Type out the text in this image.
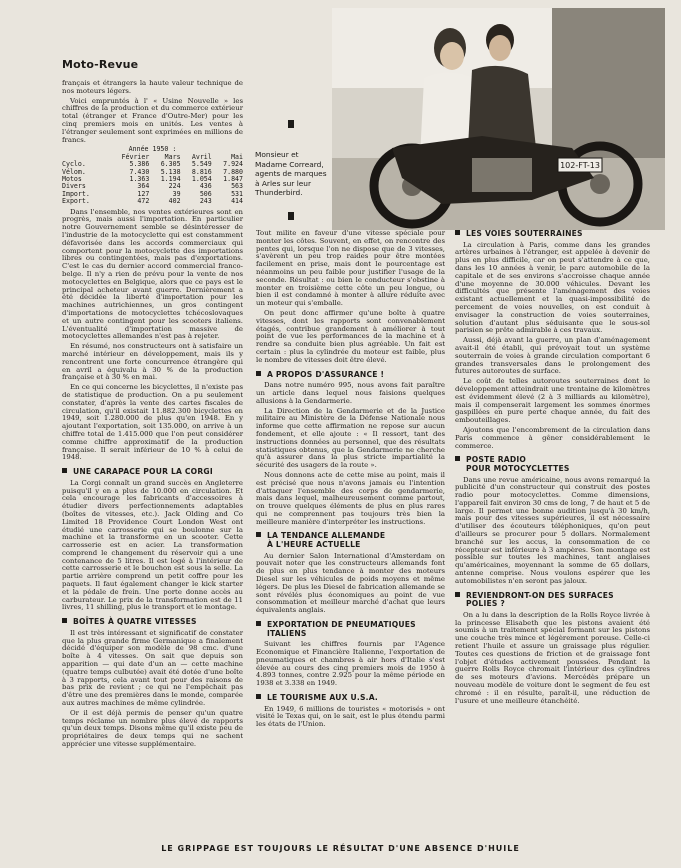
Moto-Revue
102-FT-13
Monsieur et Madame Correard, agents de marques à Arles sur leur Thunderbird.

français et étrangers la haute valeur technique de nos moteurs légers.

Voici empruntés à l' « Usine Nouvelle » les chiffres de la production et du commerce extérieur total (étranger et France d'Outre-Mer) pour les cinq premiers mois en unités. Les ventes à l'étranger seulement sont exprimées en millions de francs.

Année 1950 :
	Février	Mars	Avril	Mai
Cyclo.	5.386	6.305	5.549	7.924
Vélom.	7.430	5.138	8.816	7.880
Motos	1.363	1.194	1.054	1.847
Divers	364	224	436	563
Import.	127	39	506	531
Export.	472	402	243	414

Dans l'ensemble, nos ventes extérieures sont en progrès, mais aussi l'importation. En particulier notre Gouvernement semble se désintéresser de l'industrie de la motocyclette qui est constamment défavorisée dans les accords commerciaux qui comportent pour la motocyclette des importations libres ou contingentées, mais pas d'exportations. C'est le cas du dernier accord commercial franco-belge. Il n'y a rien de prévu pour la vente de nos motocyclettes en Belgique, alors que ce pays est le principal acheteur avant guerre. Dernièrement a été décidée la liberté d'importation pour les machines autrichiennes, un gros contingent d'importations de motocyclettes tchécoslovaques et un autre contingent pour les scooters italiens. L'éventualité d'importation massive de motocyclettes allemandes n'est pas à rejeter.

En résumé, nos constructeurs ont à satisfaire un marché intérieur en développement, mais ils y rencontrent une forte concurrence étrangère qui en avril a équivalu à 30 % de la production française et à 30 % en mai.

En ce qui concerne les bicyclettes, il n'existe pas de statistique de production. On a pu seulement constater, d'après la vente des cartes fiscales de circulation, qu'il existait 11.882.300 bicyclettes en 1949, soit 1.280.000 de plus qu'en 1948. En y ajoutant l'exportation, soit 135.000, on arrive à un chiffre total de 1.415.000 que l'on peut considérer comme chiffre approximatif de la production française. Il serait inférieur de 10 % à celui de 1948.

UNE CARAPACE POUR LA CORGI

La Corgi connaît un grand succès en Angleterre puisqu'il y en a plus de 10.000 en circulation. Et cela encourage les fabricants d'accessoires à étudier divers perfectionnements adaptables (boîtes de vitesses, etc.). Jack Olding and Co Limited 18 Providence Court London West ont étudié une carrosserie qui se boulonne sur la machine et la transforme en un scooter. Cette carrosserie est en acier. La transformation comprend le changement du réservoir qui a une contenance de 5 litres. Il est logé à l'intérieur de cette carrosserie et le bouchon est sous la selle. La partie arrière comprend un petit coffre pour les paquets. Il faut également changer le kick starter et la pédale de frein. Une porte donne accès au carburateur. Le prix de la transformation est de 11 livres, 11 shilling, plus le transport et le montage.

BOÎTES À QUATRE VITESSES

Il est très intéressant et significatif de constater que la plus grande firme Germanique a finalement décidé d'équiper son modèle de 98 cmc. d'une boîte à 4 vitesses. On sait que depuis son apparition — qui date d'un an — cette machine (quatre temps culbutée) avait été dotée d'une boîte à 3 rapports, cela avant tout pour des raisons de bas prix de revient ; ce qui ne l'empêchait pas d'être une des premières dans le monde, comparée aux autres machines de même cylindrée.

Or il est déjà permis de penser qu'un quatre temps réclame un nombre plus élevé de rapports qu'un deux temps. Disons même qu'il existe peu de propriétaires de deux temps qui ne sachent apprécier une vitesse supplémentaire.

Tout milite en faveur d'une vitesse spéciale pour monter les côtes. Souvent, en effet, on rencontre des pentes qui, lorsque l'on ne dispose que de 3 vitesses, s'avèrent un peu trop raides pour être montées facilement en prise, mais dont le pourcentage est néanmoins un peu faible pour justifier l'usage de la seconde. Résultat : ou bien le conducteur s'obstine à monter en troisième cette côte un peu longue, ou bien il est condamné à monter à allure réduite avec un moteur qui s'emballe.

On peut donc affirmer qu'une boîte à quatre vitesses, dont les rapports sont convenablement étagés, contribue grandement à améliorer à tout point de vue les performances de la machine et à rendre sa conduite bien plus agréable. Un fait est certain : plus la cylindrée du moteur est faible, plus le nombre de vitesses doit être élevé.

A PROPOS D'ASSURANCE !

Dans notre numéro 995, nous avons fait paraître un article dans lequel nous faisions quelques allusions à la Gendarmerie.

La Direction de la Gendarmerie et de la Justice militaire au Ministère de la Défense Nationale nous informe que cette affirmation ne repose sur aucun fondement, et elle ajoute : « Il ressort, tant des instructions données au personnel, que des résultats statistiques obtenus, que la Gendarmerie ne cherche qu'à assurer dans la plus stricte impartialité la sécurité des usagers de la route ».

Nous donnons acte de cette mise au point, mais il est précisé que nous n'avons jamais eu l'intention d'attaquer l'ensemble des corps de gendarmerie, mais dans lequel, malheureusement comme partout, on trouve quelques éléments de plus en plus rares qui ne comprennent pas toujours très bien la meilleure manière d'interpréter les instructions.

LA TENDANCE ALLEMANDE
À L'HEURE ACTUELLE

Au dernier Salon International d'Amsterdam on pouvait noter que les constructeurs allemands font de plus en plus tendance à monter des moteurs Diesel sur les véhicules de poids moyens et même légers. De plus les Diesel de fabrication allemande se sont révélés plus économiques au point de vue consommation et meilleur marché d'achat que leurs équivalents anglais.

EXPORTATION DE PNEUMATIQUES
ITALIENS

Suivant les chiffres fournis par l'Agence Economique et Financière Italienne, l'exportation de pneumatiques et chambres à air hors d'Italie s'est élevée au cours des cinq premiers mois de 1950 à 4.893 tonnes, contre 2.925 pour la même période en 1938 et 3.338 en 1949.

LE TOURISME AUX U.S.A.

En 1949, 6 millions de touristes « motorisés » ont visité le Texas qui, on le sait, est le plus étendu parmi les états de l'Union.

LES VOIES SOUTERRAINES

La circulation à Paris, comme dans les grandes artères urbaines à l'étranger, est appelée à devenir de plus en plus difficile, car on peut s'attendre à ce que, dans les 10 années à venir, le parc automobile de la capitale et de ses environs s'accroisse chaque année d'une moyenne de 30.000 véhicules. Devant les difficultés que présente l'aménagement des voies existant actuellement et la quasi-impossibilité de percement de voies nouvelles, on est conduit à envisager la construction de voies souterraines, solution d'autant plus séduisante que le sous-sol parisien se prête admirable à ces travaux.

Aussi, déjà avant la guerre, un plan d'aménagement avait-il été établi, qui prévoyait tout un système souterrain de voies à grande circulation comportant 6 grandes transversales dans le prolongement des futures autoroutes de surface.

Le coût de telles autoroutes souterraines dont le développement atteindrait une trentaine de kilomètres est évidemment élevé (2 à 3 milliards au kilomètre), mais il compenserait largement les sommes énormes gaspillées en pure perte chaque année, du fait des embouteillages.

Ajoutons que l'encombrement de la circulation dans Paris commence à gêner considérablement le commerce.

POSTE RADIO
POUR MOTOCYCLETTES

Dans une revue américaine, nous avons remarqué la publicité d'un constructeur qui construit des postes radio pour motocyclettes. Comme dimensions, l'appareil fait environ 30 cms de long, 7 de haut et 5 de large. Il permet une bonne audition jusqu'à 30 km/h, mais pour des vitesses supérieures, il est nécessaire d'utiliser des écouteurs téléphoniques, qu'on peut d'ailleurs se procurer pour 5 dollars. Normalement branché sur les accus, la consommation de ce récepteur est inférieure à 3 ampères. Son montage est possible sur toutes les machines, tant anglaises qu'américaines, moyennant la somme de 65 dollars, antenne comprise. Nous voulons espérer que les automobilistes n'en seront pas jaloux.

REVIENDRONT-ON DES SURFACES
POLIES ?

On a lu dans la description de la Rolls Royce livrée à la princesse Elisabeth que les pistons avaient été soumis à un traitement spécial formant sur les pistons une couche très mince et légèrement poreuse. Celle-ci retient l'huile et assure un graissage plus régulier. Toutes ces questions de friction et de graissage font l'objet d'études activement poussées. Pendant la guerre Rolls Royce chromait l'intérieur des cylindres de ses moteurs d'avions. Mercédès prépare un nouveau modèle de voiture dont le segment de feu est chromé : il en résulte, paraît-il, une réduction de l'usure et une meilleure étanchéité.

LE GRIPPAGE EST TOUJOURS LE RÉSULTAT D'UNE ABSENCE D'HUILE
